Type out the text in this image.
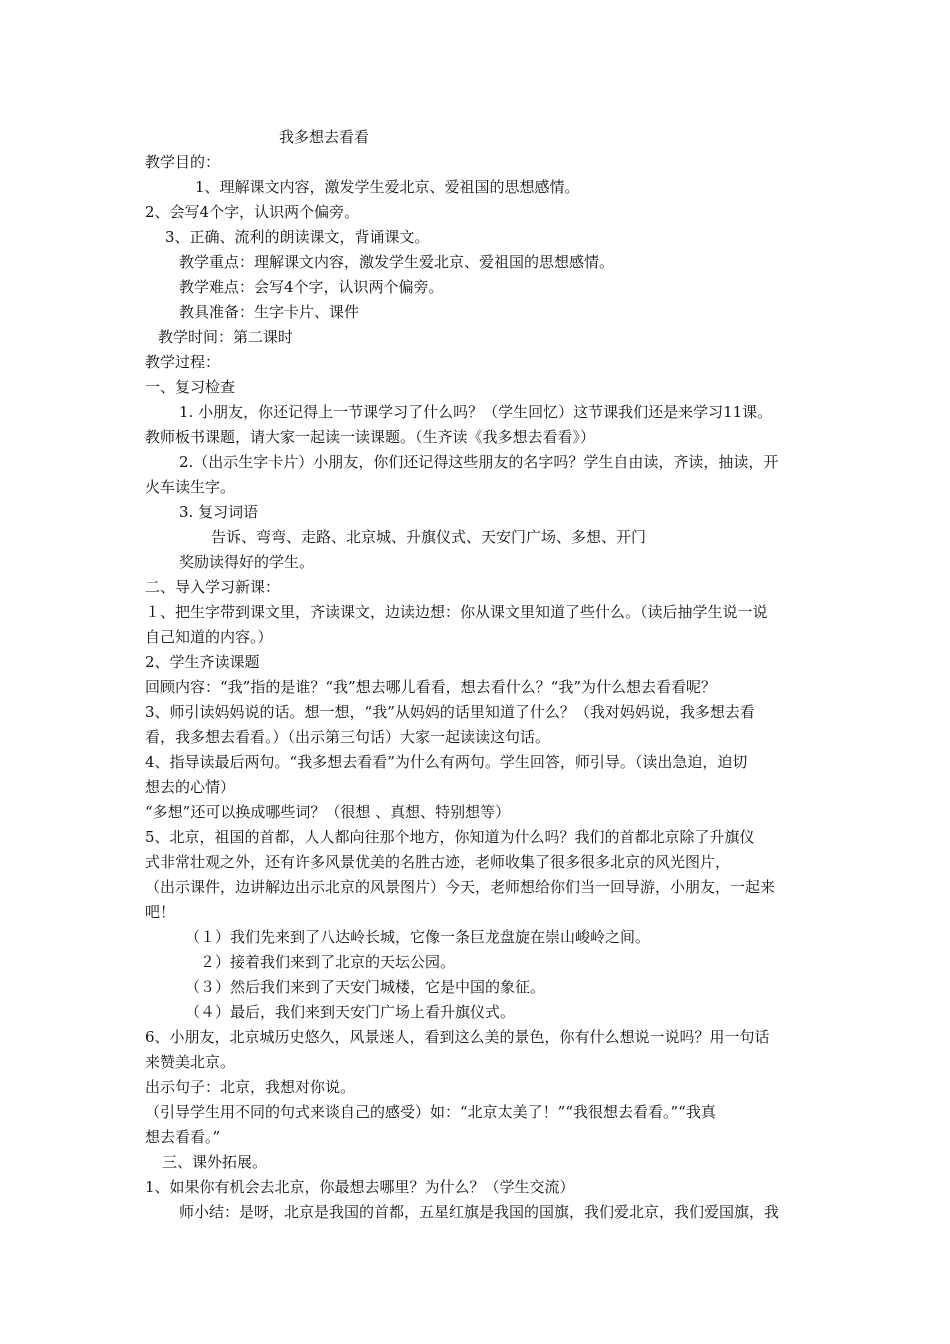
我多想去看看
教学目的：
1、理解课文内容，激发学生爱北京、爱祖国的思想感情。
2、会写4个字，认识两个偏旁。
3、正确、流利的朗读课文，背诵课文。
教学重点：理解课文内容，激发学生爱北京、爱祖国的思想感情。
教学难点：会写4个字，认识两个偏旁。
教具准备：生字卡片、课件
教学时间：第二课时
教学过程：
一、复习检查
1. 小朋友，你还记得上一节课学习了什么吗？（学生回忆）这节课我们还是来学习11课。
教师板书课题，请大家一起读一读课题。（生齐读《我多想去看看》）
2.（出示生字卡片）小朋友，你们还记得这些朋友的名字吗？学生自由读，齐读，抽读，开
火车读生字。
3. 复习词语
告诉、弯弯、走路、北京城、升旗仪式、天安门广场、多想、开门
奖励读得好的学生。
二、导入学习新课：
１、把生字带到课文里，齐读课文，边读边想：你从课文里知道了些什么。（读后抽学生说一说
自己知道的内容。）
2、学生齐读课题
回顾内容：“我”指的是谁？“我”想去哪儿看看，想去看什么？“我”为什么想去看看呢？
3、师引读妈妈说的话。想一想，“我”从妈妈的话里知道了什么？（我对妈妈说，我多想去看
看，我多想去看看。）（出示第三句话）大家一起读读这句话。
4、指导读最后两句。“我多想去看看”为什么有两句。学生回答，师引导。（读出急迫，迫切
想去的心情）
“多想”还可以换成哪些词？（很想 、真想、特别想等）
5、北京，祖国的首都，人人都向往那个地方，你知道为什么吗？我们的首都北京除了升旗仪
式非常壮观之外，还有许多风景优美的名胜古迹，老师收集了很多很多北京的风光图片，
（出示课件，边讲解边出示北京的风景图片）今天，老师想给你们当一回导游，小朋友，一起来
吧！
（１）我们先来到了八达岭长城，它像一条巨龙盘旋在崇山峻岭之间。
２）接着我们来到了北京的天坛公园。
（３）然后我们来到了天安门城楼，它是中国的象征。
（４）最后，我们来到天安门广场上看升旗仪式。
6、小朋友，北京城历史悠久，风景迷人，看到这么美的景色，你有什么想说一说吗？用一句话
来赞美北京。
出示句子：北京，我想对你说。
（引导学生用不同的句式来谈自己的感受）如：“北京太美了！”“我很想去看看。”“我真
想去看看。”
三、课外拓展。
1、如果你有机会去北京，你最想去哪里？为什么？（学生交流）
师小结：是呀，北京是我国的首都，五星红旗是我国的国旗，我们爱北京，我们爱国旗，我
